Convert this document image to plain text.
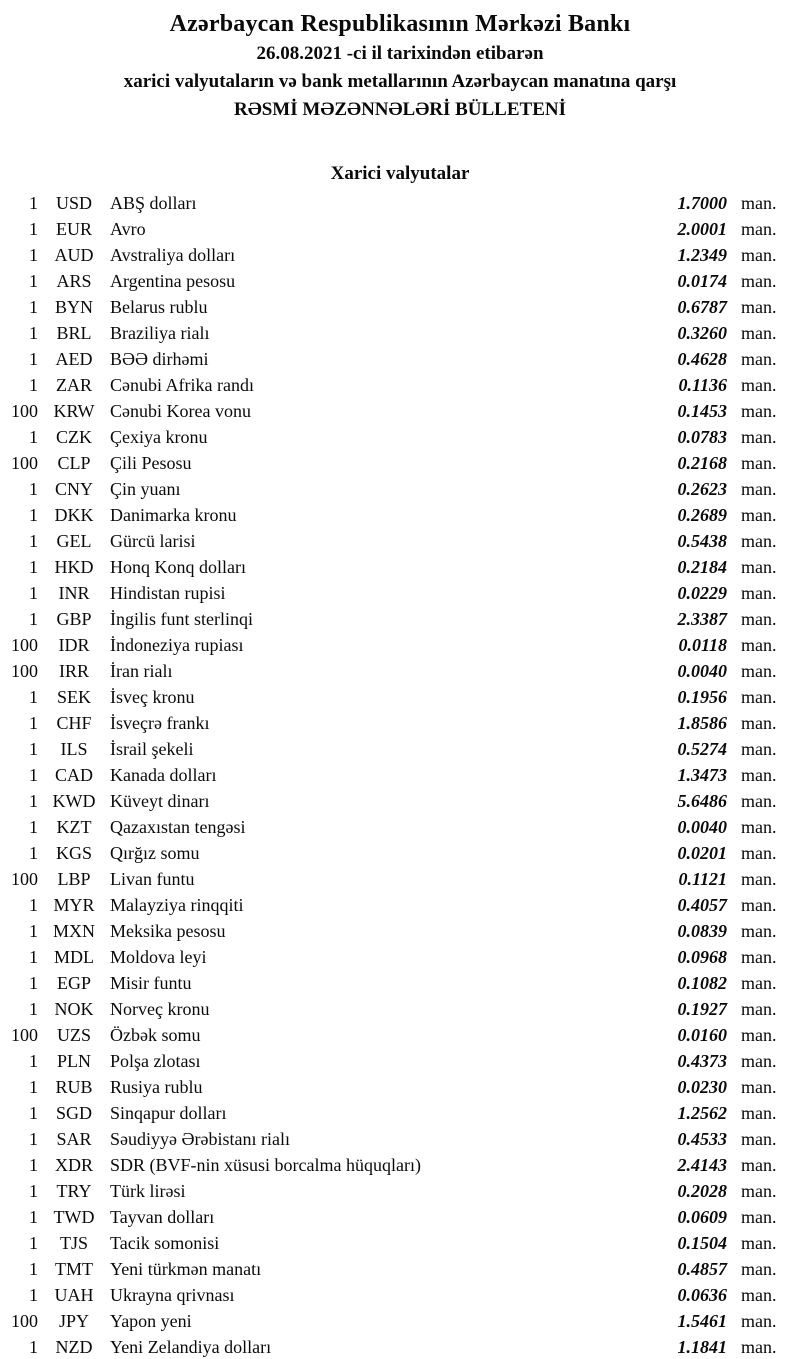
Azərbaycan Respublikasının Mərkəzi Bankı
26.08.2021 -ci il tarixindən etibarən
xarici valyutaların və bank metallarının Azərbaycan manatına qarşı
RƏSMİ MƏZƏNNƏLƏRİ BÜLLETENİ
Xarici valyutalar
1 USD	ABŞ dolları	1.7000 man.
1	EUR	Avro	2.0001 man.
1 AUD Avstraliya dolları	1.2349 man.
1	ARS	Argentina pesosu	0.0174 man.
1 BYN Belarus rublu	0.6787 man.
1	BRL	Braziliya rialı	0.3260 man.
1 AED BƏƏ dirhəmi	0.4628 man.
1	ZAR	Cənubi Afrika randı	0.1136 man.
100 KRW Cənubi Korea vonu	0.1453 man.
1	CZK	Çexiya kronu	0.0783 man.
100	CLP	Çili Pesosu	0.2168 man.
1 CNY Çin yuanı	0.2623 man.
1 DKK Danimarka kronu	0.2689 man.
1	GEL	Gürcü larisi	0.5438 man.
1 HKD Honq Konq dolları	0.2184 man.
1	INR	Hindistan rupisi	0.0229 man.
1	GBP	İngilis funt sterlinqi	2.3387 man.
100	IDR	İndoneziya rupiası	0.0118 man.
100	IRR	İran rialı	0.0040 man.
1	SEK	İsveç kronu	0.1956 man.
1	CHF	İsveçrə frankı	1.8586 man.
1	ILS	İsrail şekeli	0.5274 man.
1 CAD Kanada dolları	1.3473 man.
1 KWD Küveyt dinarı	5.6486 man.
1	KZT	Qazaxıstan tengəsi	0.0040 man.
1 KGS	Qırğız somu	0.0201 man.
100	LBP	Livan funtu	0.1121 man.
1 MYR Malayziya rinqqiti	0.4057 man.
1 MXN Meksika pesosu	0.0839 man.
1 MDL Moldova leyi	0.0968 man.
1	EGP	Misir funtu	0.1082 man.
1 NOK Norveç kronu	0.1927 man.
100	UZS	Özbək somu	0.0160 man.
1	PLN	Polşa zlotası	0.4373 man.
1 RUB Rusiya rublu	0.0230 man.
1 SGD	Sinqapur dolları	1.2562 man.
1	SAR	Səudiyyə Ərəbistanı rialı	0.4533 man.
1 XDR SDR (BVF-nin xüsusi borcalma hüquqları)	2.4143 man.
1	TRY	Türk lirəsi	0.2028 man.
1 TWD Tayvan dolları	0.0609 man.
1	TJS	Tacik somonisi	0.1504 man.
1 TMT Yeni türkmən manatı	0.4857 man.
1 UAH Ukrayna qrivnası	0.0636 man.
100	JPY	Yapon yeni	1.5461 man.
1 NZD Yeni Zelandiya dolları	1.1841 man.
